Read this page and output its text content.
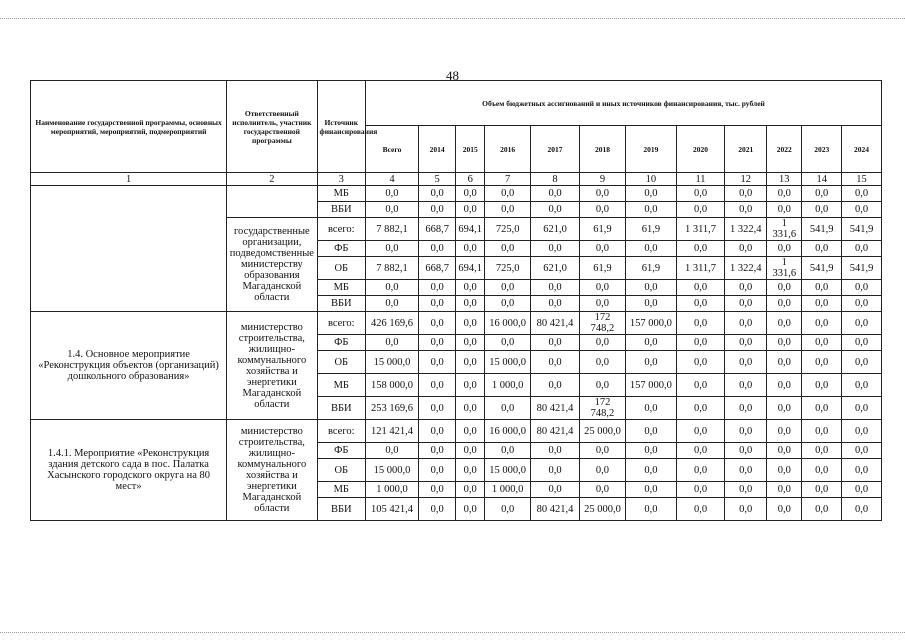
48
Наименование государственной программы, основных мероприятий, мероприятий, подмероприятий	Ответственный исполнитель, участник государственной программы	Источник финансирования	Объем бюджетных ассигнований и иных источников финансирования, тыс. рублей											
			Всего	2014	2015	2016	2017	2018	2019	2020	2021	2022	2023	2024
1	2	3	4	5	6	7	8	9	10	11	12	13	14	15
		МБ	0,0	0,0	0,0	0,0	0,0	0,0	0,0	0,0	0,0	0,0	0,0	0,0
		ВБИ	0,0	0,0	0,0	0,0	0,0	0,0	0,0	0,0	0,0	0,0	0,0	0,0
	государственные организации, подведомственные министерству образования Магаданской области	всего:	7 882,1	668,7	694,1	725,0	621,0	61,9	61,9	1 311,7	1 322,4	1 331,6	541,9	541,9
		ФБ	0,0	0,0	0,0	0,0	0,0	0,0	0,0	0,0	0,0	0,0	0,0	0,0
		ОБ	7 882,1	668,7	694,1	725,0	621,0	61,9	61,9	1 311,7	1 322,4	1 331,6	541,9	541,9
		МБ	0,0	0,0	0,0	0,0	0,0	0,0	0,0	0,0	0,0	0,0	0,0	0,0
		ВБИ	0,0	0,0	0,0	0,0	0,0	0,0	0,0	0,0	0,0	0,0	0,0	0,0
1.4. Основное мероприятие «Реконструкция объектов (организаций) дошкольного образования»	министерство строительства, жилищно-коммунального хозяйства и энергетики Магаданской области	всего:	426 169,6	0,0	0,0	16 000,0	80 421,4	172 748,2	157 000,0	0,0	0,0	0,0	0,0	0,0
		ФБ	0,0	0,0	0,0	0,0	0,0	0,0	0,0	0,0	0,0	0,0	0,0	0,0
		ОБ	15 000,0	0,0	0,0	15 000,0	0,0	0,0	0,0	0,0	0,0	0,0	0,0	0,0
		МБ	158 000,0	0,0	0,0	1 000,0	0,0	0,0	157 000,0	0,0	0,0	0,0	0,0	0,0
		ВБИ	253 169,6	0,0	0,0	0,0	80 421,4	172 748,2	0,0	0,0	0,0	0,0	0,0	0,0
1.4.1. Мероприятие «Реконструкция здания детского сада в пос. Палатка Хасынского городского округа на 80 мест»	министерство строительства, жилищно-коммунального хозяйства и энергетики Магаданской области	всего:	121 421,4	0,0	0,0	16 000,0	80 421,4	25 000,0	0,0	0,0	0,0	0,0	0,0	0,0
		ФБ	0,0	0,0	0,0	0,0	0,0	0,0	0,0	0,0	0,0	0,0	0,0	0,0
		ОБ	15 000,0	0,0	0,0	15 000,0	0,0	0,0	0,0	0,0	0,0	0,0	0,0	0,0
		МБ	1 000,0	0,0	0,0	1 000,0	0,0	0,0	0,0	0,0	0,0	0,0	0,0	0,0
		ВБИ	105 421,4	0,0	0,0	0,0	80 421,4	25 000,0	0,0	0,0	0,0	0,0	0,0	0,0
